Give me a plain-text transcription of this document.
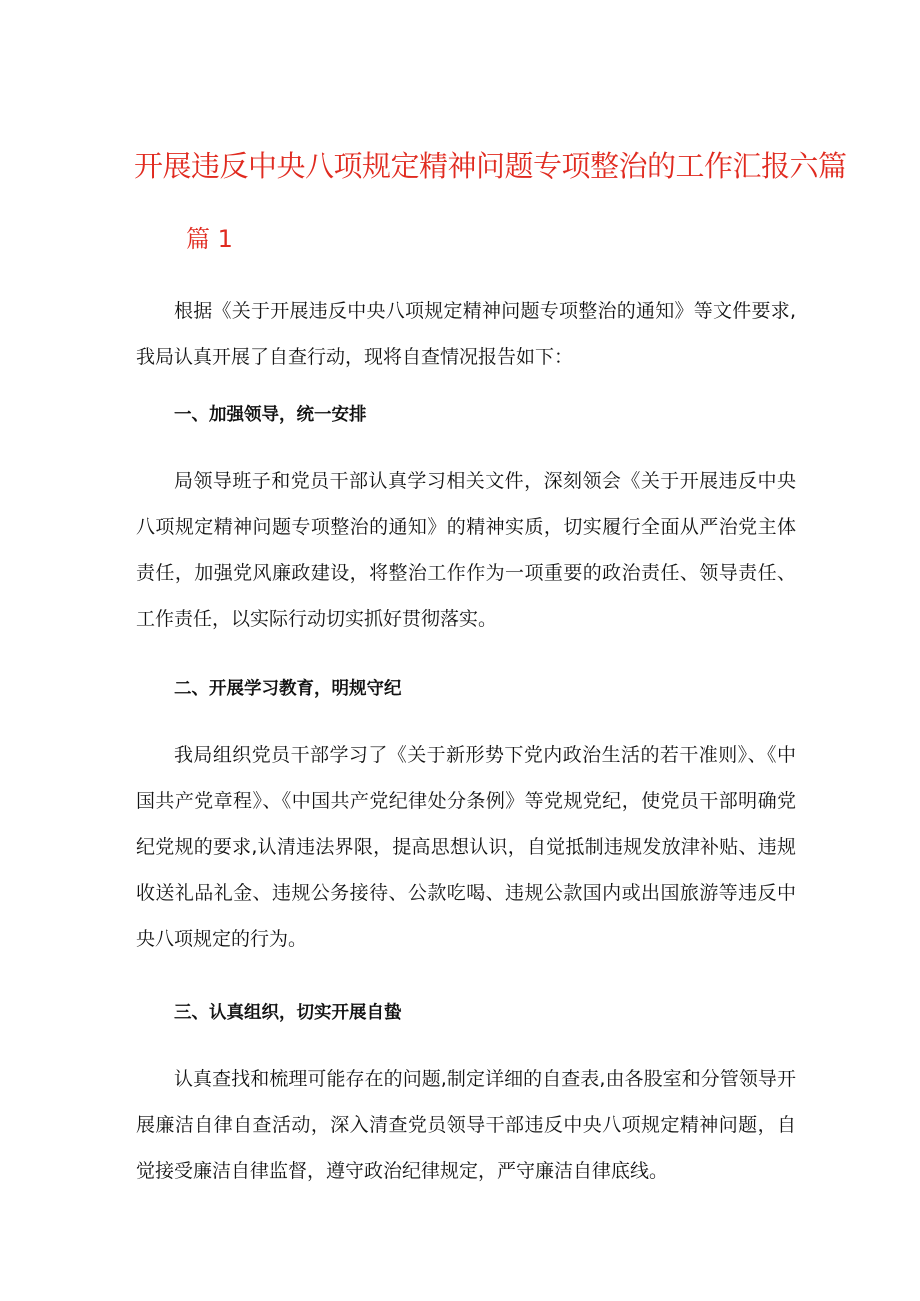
开展违反中央八项规定精神问题专项整治的工作汇报六篇
篇 1

根据《关于开展违反中央八项规定精神问题专项整治的通知》等文件要求,我局认真开展了自查行动，现将自查情况报告如下：

一、加强领导，统一安排

局领导班子和党员干部认真学习相关文件，深刻领会《关于开展违反中央八项规定精神问题专项整治的通知》的精神实质，切实履行全面从严治党主体责任，加强党风廉政建设，将整治工作作为一项重要的政治责任、领导责任、工作责任，以实际行动切实抓好贯彻落实。

二、开展学习教育，明规守纪

我局组织党员干部学习了《关于新形势下党内政治生活的若干准则》、《中国共产党章程》、《中国共产党纪律处分条例》等党规党纪，使党员干部明确党纪党规的要求,认清违法界限，提高思想认识，自觉抵制违规发放津补贴、违规收送礼品礼金、违规公务接待、公款吃喝、违规公款国内或出国旅游等违反中央八项规定的行为。

三、认真组织，切实开展自蛰

认真查找和梳理可能存在的问题,制定详细的自查表,由各股室和分管领导开展廉洁自律自查活动，深入清查党员领导干部违反中央八项规定精神问题，自觉接受廉洁自律监督，遵守政治纪律规定，严守廉洁自律底线。
